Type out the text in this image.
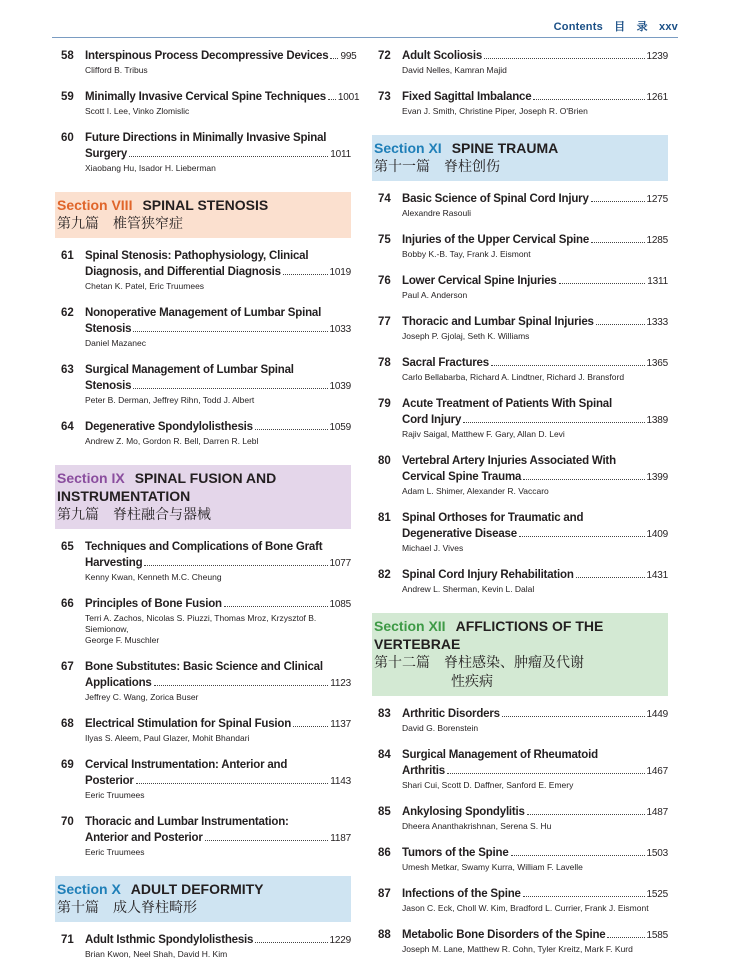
Contents 目　录 xxv
58 Interspinous Process Decompressive Devices 995
Clifford B. Tribus
59 Minimally Invasive Cervical Spine Techniques 1001
Scott I. Lee, Vinko Zlomislic
60 Future Directions in Minimally Invasive Spinal
Surgery	1011
Xiaobang Hu, Isador H. Lieberman
Section VIII SPINAL STENOSIS
第九篇 椎管狭窄症
61 Spinal Stenosis: Pathophysiology, Clinical
Diagnosis, and Differential Diagnosis	1019
Chetan K. Patel, Eric Truumees
62 Nonoperative Management of Lumbar Spinal
Stenosis	1033
Daniel Mazanec
63 Surgical Management of Lumbar Spinal
Stenosis	1039
Peter B. Derman, Jeffrey Rihn, Todd J. Albert
64 Degenerative Spondylolisthesis	1059
Andrew Z. Mo, Gordon R. Bell, Darren R. Lebl
Section IX SPINAL FUSION AND INSTRUMENTATION
第九篇 脊柱融合与器械
65 Techniques and Complications of Bone Graft
Harvesting	1077
Kenny Kwan, Kenneth M.C. Cheung
66 Principles of Bone Fusion	1085
Terri A. Zachos, Nicolas S. Piuzzi, Thomas Mroz, Krzysztof B. Siemionow,
George F. Muschler
67 Bone Substitutes: Basic Science and Clinical
Applications	1123
Jeffrey C. Wang, Zorica Buser
68 Electrical Stimulation for Spinal Fusion	1137
Ilyas S. Aleem, Paul Glazer, Mohit Bhandari
69 Cervical Instrumentation: Anterior and
Posterior	1143
Eeric Truumees
70 Thoracic and Lumbar Instrumentation:
Anterior and Posterior	1187
Eeric Truumees
Section X ADULT DEFORMITY
第十篇 成人脊柱畸形
71 Adult Isthmic Spondylolisthesis	1229
Brian Kwon, Neel Shah, David H. Kim
72 Adult Scoliosis	1239
David Nelles, Kamran Majid
73 Fixed Sagittal Imbalance	1261
Evan J. Smith, Christine Piper, Joseph R. O'Brien
Section XI SPINE TRAUMA
第十一篇 脊柱创伤
74 Basic Science of Spinal Cord Injury	1275
Alexandre Rasouli
75 Injuries of the Upper Cervical Spine	1285
Bobby K.-B. Tay, Frank J. Eismont
76 Lower Cervical Spine Injuries	1311
Paul A. Anderson
77 Thoracic and Lumbar Spinal Injuries	1333
Joseph P. Gjolaj, Seth K. Williams
78 Sacral Fractures	1365
Carlo Bellabarba, Richard A. Lindtner, Richard J. Bransford
79 Acute Treatment of Patients With Spinal
Cord Injury	1389
Rajiv Saigal, Matthew F. Gary, Allan D. Levi
80 Vertebral Artery Injuries Associated With
Cervical Spine Trauma	1399
Adam L. Shimer, Alexander R. Vaccaro
81 Spinal Orthoses for Traumatic and
Degenerative Disease	1409
Michael J. Vives
82 Spinal Cord Injury Rehabilitation	1431
Andrew L. Sherman, Kevin L. Dalal
Section XII AFFLICTIONS OF THE VERTEBRAE
第十二篇 脊柱感染、肿瘤及代谢
性疾病
83 Arthritic Disorders	1449
David G. Borenstein
84 Surgical Management of Rheumatoid
Arthritis	1467
Shari Cui, Scott D. Daffner, Sanford E. Emery
85 Ankylosing Spondylitis	1487
Dheera Ananthakrishnan, Serena S. Hu
86 Tumors of the Spine	1503
Umesh Metkar, Swamy Kurra, William F. Lavelle
87 Infections of the Spine	1525
Jason C. Eck, Choll W. Kim, Bradford L. Currier, Frank J. Eismont
88 Metabolic Bone Disorders of the Spine	1585
Joseph M. Lane, Matthew R. Cohn, Tyler Kreitz, Mark F. Kurd
